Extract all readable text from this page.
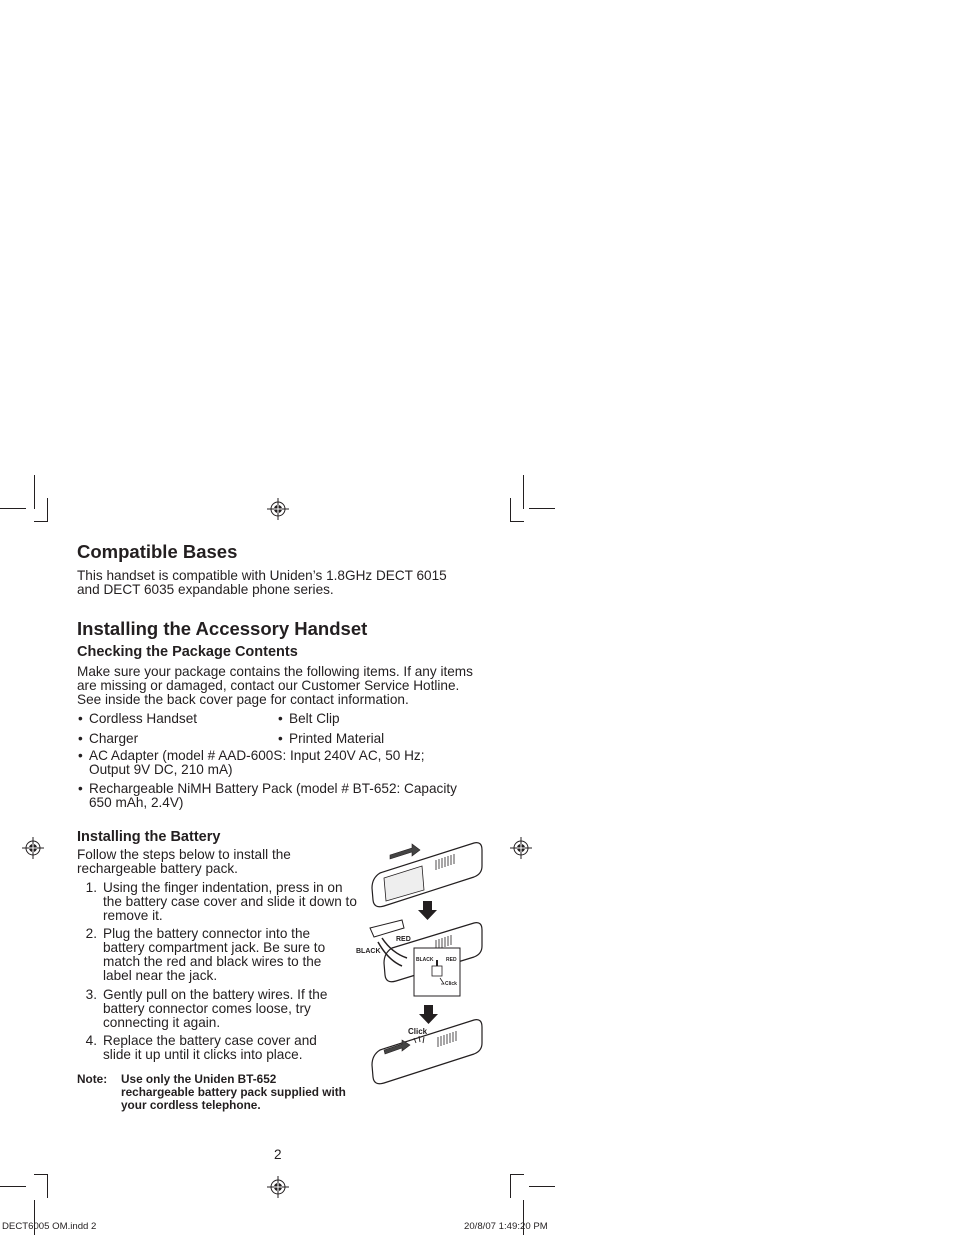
Compatible Bases

This handset is compatible with Uniden’s 1.8GHz DECT 6015 and DECT 6035 expandable phone series.

Installing the Accessory Handset
Checking the Package Contents

Make sure your package contains the following items. If any items are missing or damaged, contact our Customer Service Hotline. See inside the back cover page for contact information.

• Cordless Handset	• Belt Clip
• Charger	• Printed Material
• AC Adapter (model # AAD-600S: Input 240V AC, 50 Hz; Output 9V DC, 210 mA)
• Rechargeable NiMH Battery Pack (model # BT-652: Capacity 650 mAh, 2.4V)
Installing the Battery

Follow the steps below to install the rechargeable battery pack.

1. Using the finger indentation, press in on the battery case cover and slide it down to remove it.
2. Plug the battery connector into the battery compartment jack. Be sure to match the red and black wires to the label near the jack.
3. Gently pull on the battery wires. If the battery connector comes loose, try connecting it again.
4. Replace the battery case cover and slide it up until it clicks into place.
Note: Use only the Uniden BT-652 rechargeable battery pack supplied with your cordless telephone.
RED
BLACK
BLACK	RED
Click
Click
2
DECT6005 OM.indd 2	20/8/07 1:49:20 PM
